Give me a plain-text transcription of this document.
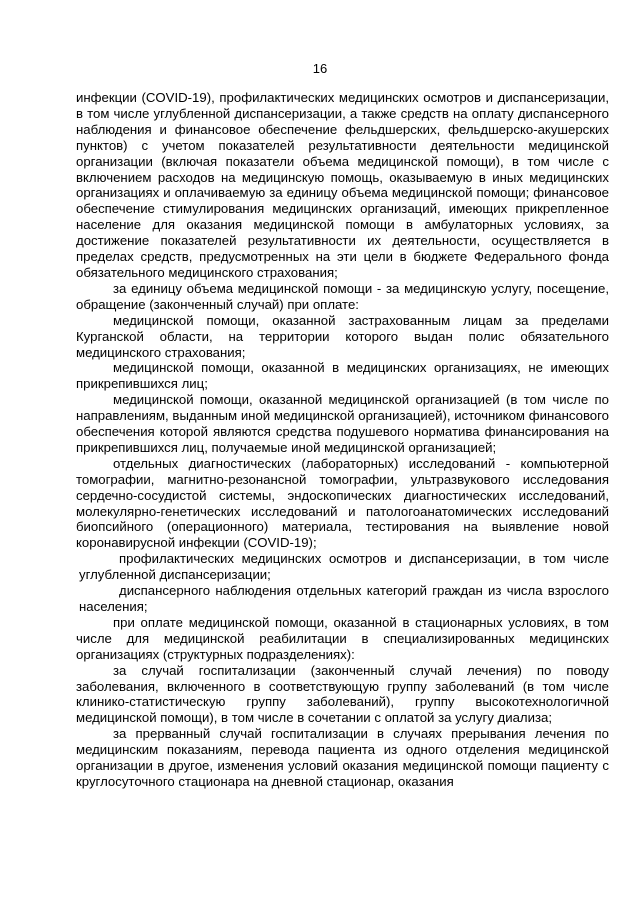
16

инфекции (COVID-19), профилактических медицинских осмотров и диспансеризации, в том числе углубленной диспансеризации, а также средств на оплату диспансерного наблюдения и финансовое обеспечение фельдшерских, фельдшерско-акушерских пунктов) с учетом показателей результативности деятельности медицинской организации (включая показатели объема медицинской помощи), в том числе с включением расходов на медицинскую помощь, оказываемую в иных медицинских организациях и оплачиваемую за единицу объема медицинской помощи; финансовое обеспечение стимулирования медицинских организаций, имеющих прикрепленное население для оказания медицинской помощи в амбулаторных условиях, за достижение показателей результативности их деятельности, осуществляется в пределах средств, предусмотренных на эти цели в бюджете Федерального фонда обязательного медицинского страхования;

за единицу объема медицинской помощи - за медицинскую услугу, посещение, обращение (законченный случай) при оплате:

медицинской помощи, оказанной застрахованным лицам за пределами Курганской области, на территории которого выдан полис обязательного медицинского страхования;

медицинской помощи, оказанной в медицинских организациях, не имеющих прикрепившихся лиц;

медицинской помощи, оказанной медицинской организацией (в том числе по направлениям, выданным иной медицинской организацией), источником финансового обеспечения которой являются средства подушевого норматива финансирования на прикрепившихся лиц, получаемые иной медицинской организацией;

отдельных диагностических (лабораторных) исследований - компьютерной томографии, магнитно-резонансной томографии, ультразвукового исследования сердечно-сосудистой системы, эндоскопических диагностических исследований, молекулярно-генетических исследований и патологоанатомических исследований биопсийного (операционного) материала, тестирования на выявление новой коронавирусной инфекции (COVID-19);

профилактических медицинских осмотров и диспансеризации, в том числе углубленной диспансеризации;

диспансерного наблюдения отдельных категорий граждан из числа взрослого населения;

при оплате медицинской помощи, оказанной в стационарных условиях, в том числе для медицинской реабилитации в специализированных медицинских организациях (структурных подразделениях):

за случай госпитализации (законченный случай лечения) по поводу заболевания, включенного в соответствующую группу заболеваний (в том числе клинико-статистическую группу заболеваний), группу высокотехнологичной медицинской помощи), в том числе в сочетании с оплатой за услугу диализа;

за прерванный случай госпитализации в случаях прерывания лечения по медицинским показаниям, перевода пациента из одного отделения медицинской организации в другое, изменения условий оказания медицинской помощи пациенту с круглосуточного стационара на дневной стационар, оказания
